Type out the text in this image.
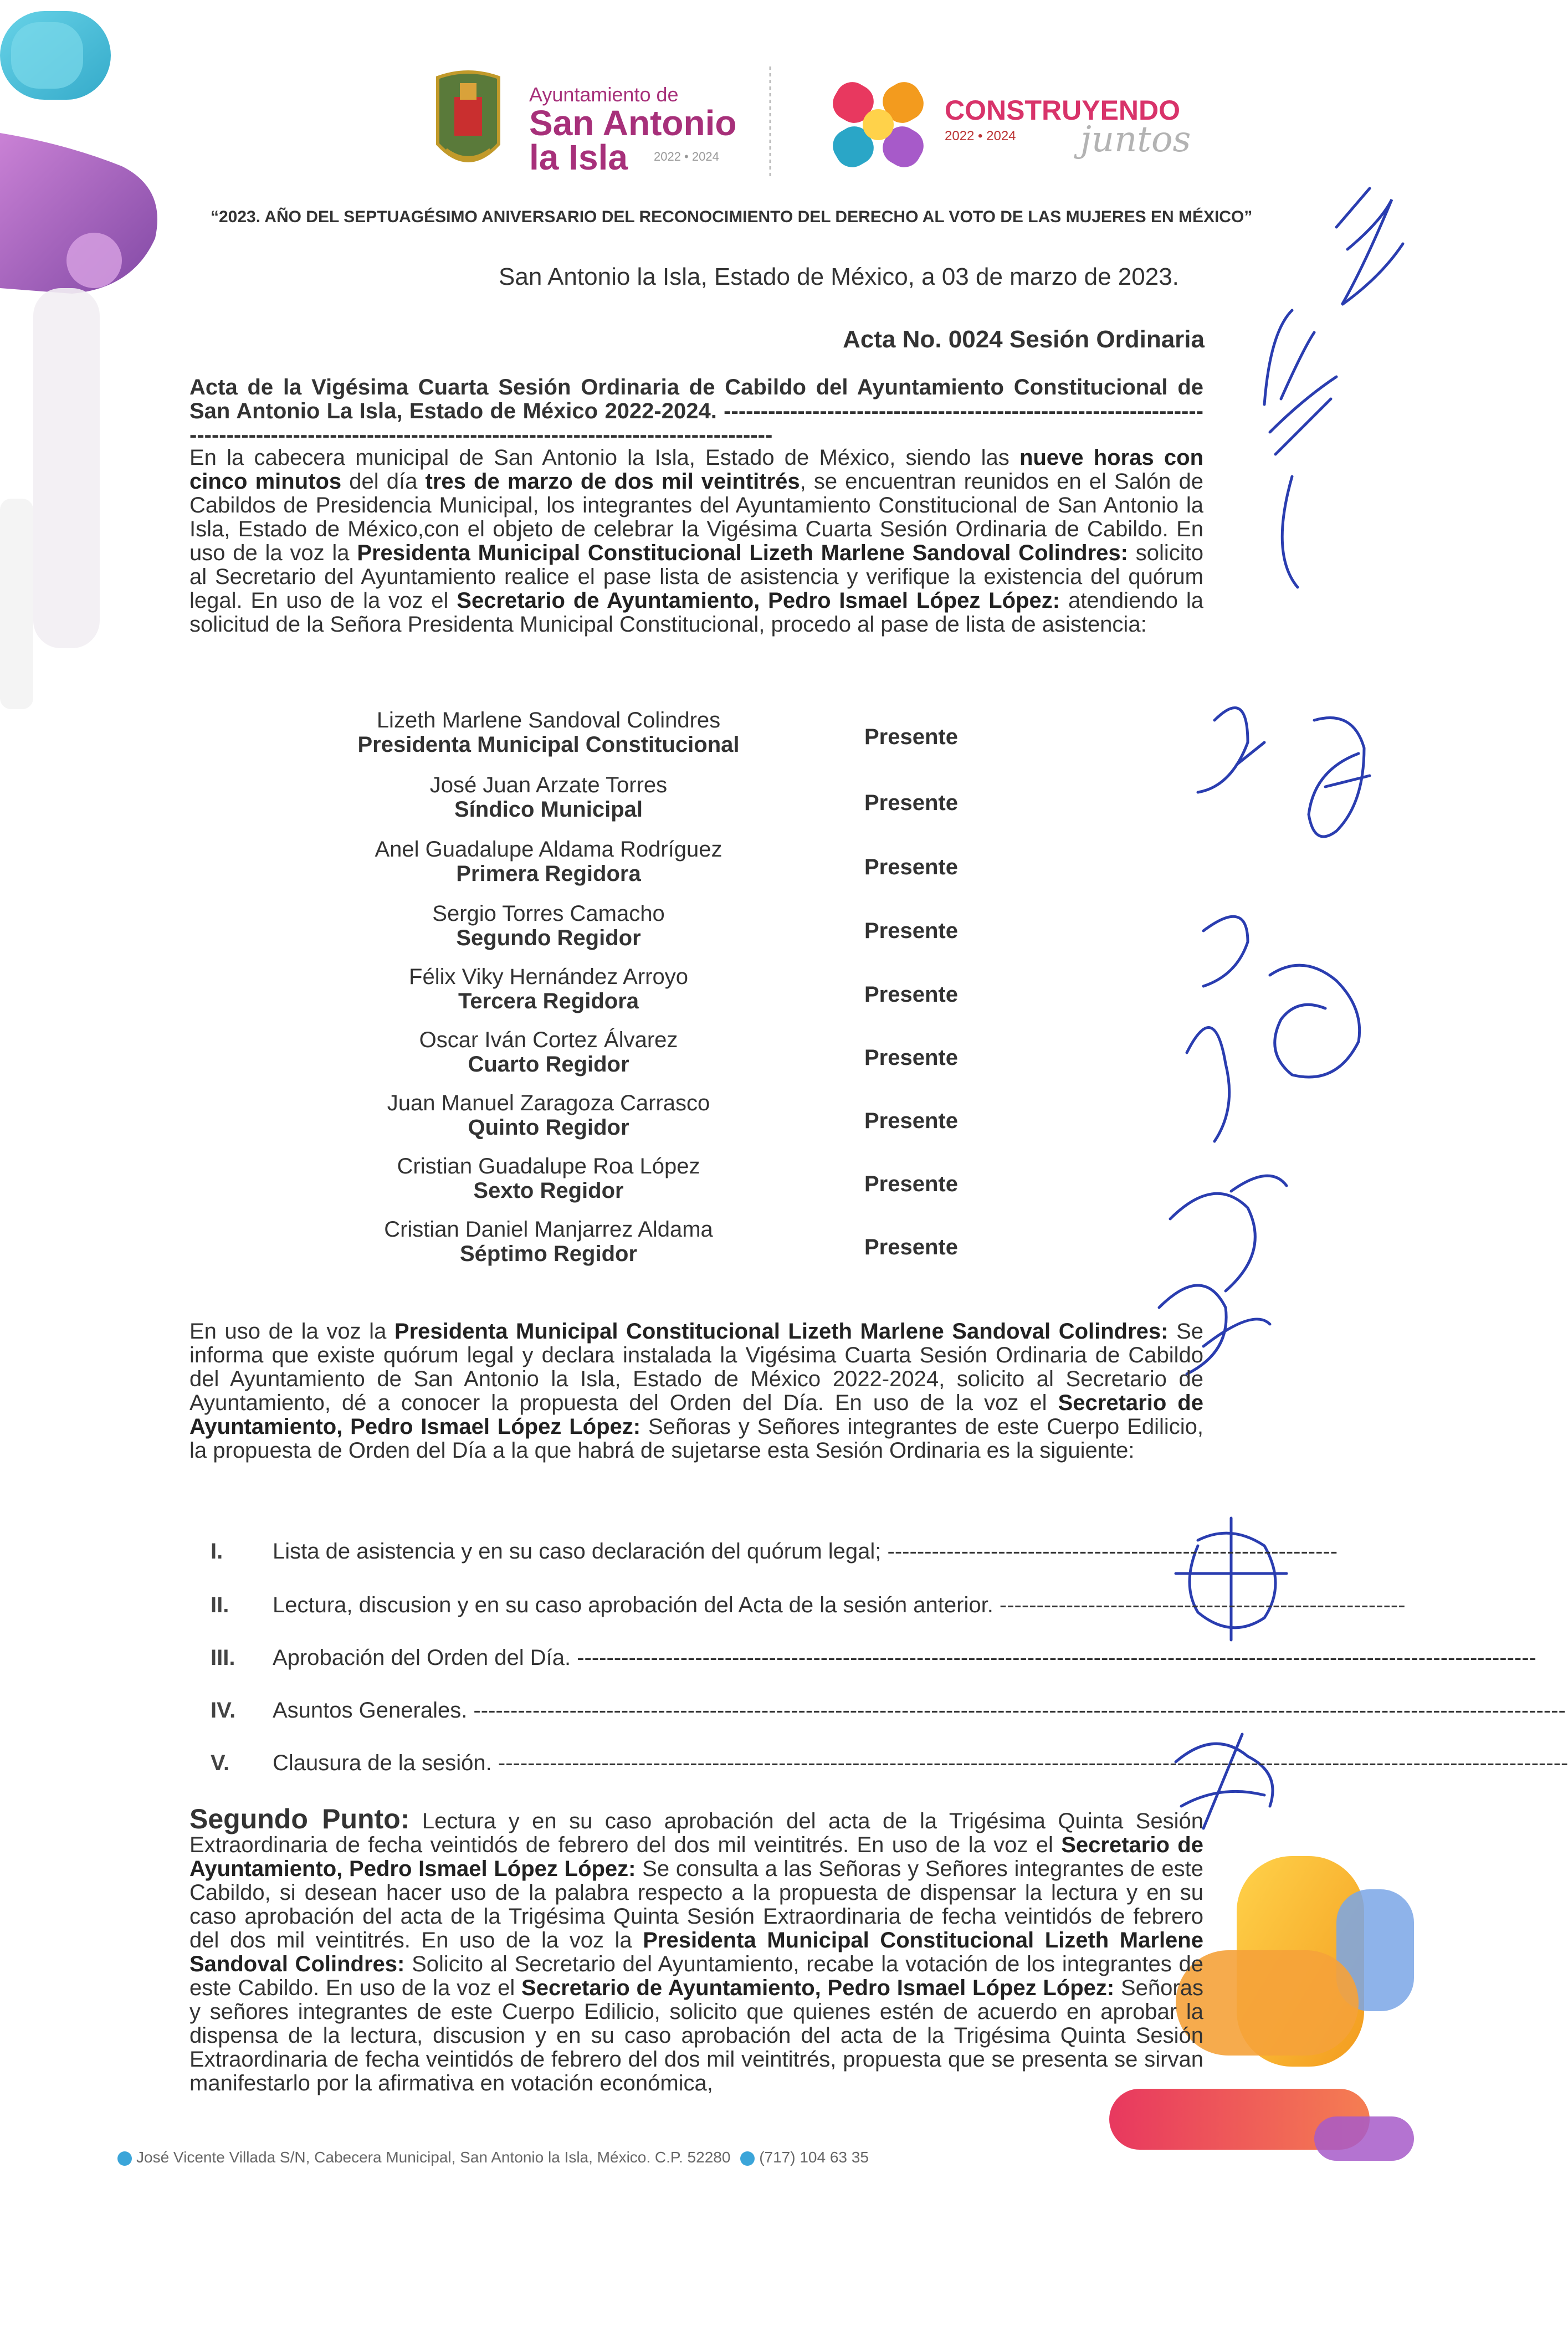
Ayuntamiento de
San Antonio
la Isla 2022 • 2024
CONSTRUYENDO
2022 • 2024 juntos
“2023. AÑO DEL SEPTUAGÉSIMO ANIVERSARIO DEL RECONOCIMIENTO DEL DERECHO AL VOTO DE LAS MUJERES EN MÉXICO”
San Antonio la Isla, Estado de México, a 03 de marzo de 2023.
Acta No. 0024 Sesión Ordinaria
Acta de la Vigésima Cuarta Sesión Ordinaria de Cabildo del Ayuntamiento Constitucional de San Antonio La Isla, Estado de México 2022-2024. ------------------------------------------------------------------------------------------------------------------------------------------------
En la cabecera municipal de San Antonio la Isla, Estado de México, siendo las nueve horas con cinco minutos del día tres de marzo de dos mil veintitrés, se encuentran reunidos en el Salón de Cabildos de Presidencia Municipal, los integrantes del Ayuntamiento Constitucional de San Antonio la Isla, Estado de México,con el objeto de celebrar la Vigésima Cuarta Sesión Ordinaria de Cabildo. En uso de la voz la Presidenta Municipal Constitucional Lizeth Marlene Sandoval Colindres: solicito al Secretario del Ayuntamiento realice el pase lista de asistencia y verifique la existencia del quórum legal. En uso de la voz el Secretario de Ayuntamiento, Pedro Ismael López López: atendiendo la solicitud de la Señora Presidenta Municipal Constitucional, procedo al pase de lista de asistencia:
Lizeth Marlene Sandoval Colindres
Presidenta Municipal Constitucional	Presente
José Juan Arzate Torres
Síndico Municipal	Presente
Anel Guadalupe Aldama Rodríguez
Primera Regidora	Presente
Sergio Torres Camacho
Segundo Regidor	Presente
Félix Viky Hernández Arroyo
Tercera Regidora	Presente
Oscar Iván Cortez Álvarez
Cuarto Regidor	Presente
Juan Manuel Zaragoza Carrasco
Quinto Regidor	Presente
Cristian Guadalupe Roa López
Sexto Regidor	Presente
Cristian Daniel Manjarrez Aldama
Séptimo Regidor	Presente
En uso de la voz la Presidenta Municipal Constitucional Lizeth Marlene Sandoval Colindres: Se informa que existe quórum legal y declara instalada la Vigésima Cuarta Sesión Ordinaria de Cabildo del Ayuntamiento de San Antonio la Isla, Estado de México 2022-2024, solicito al Secretario de Ayuntamiento, dé a conocer la propuesta del Orden del Día. En uso de la voz el Secretario de Ayuntamiento, Pedro Ismael López López: Señoras y Señores integrantes de este Cuerpo Edilicio, la propuesta de Orden del Día a la que habrá de sujetarse esta Sesión Ordinaria es la siguiente:
I.	Lista de asistencia y en su caso declaración del quórum legal; -------------------------------------------------------------
II.	Lectura, discusion y en su caso aprobación del Acta de la sesión anterior. -------------------------------------------------------
III.	Aprobación del Orden del Día. ----------------------------------------------------------------------------------------------------------------------------------
IV.	Asuntos Generales. ----------------------------------------------------------------------------------------------------------------------------------------------------
V.	Clausura de la sesión. -------------------------------------------------------------------------------------------------------------------------------------------------
Segundo Punto: Lectura y en su caso aprobación del acta de la Trigésima Quinta Sesión Extraordinaria de fecha veintidós de febrero del dos mil veintitrés. En uso de la voz el Secretario de Ayuntamiento, Pedro Ismael López López: Se consulta a las Señoras y Señores integrantes de este Cabildo, si desean hacer uso de la palabra respecto a la propuesta de dispensar la lectura y en su caso aprobación del acta de la Trigésima Quinta Sesión Extraordinaria de fecha veintidós de febrero del dos mil veintitrés. En uso de la voz la Presidenta Municipal Constitucional Lizeth Marlene Sandoval Colindres: Solicito al Secretario del Ayuntamiento, recabe la votación de los integrantes de este Cabildo. En uso de la voz el Secretario de Ayuntamiento, Pedro Ismael López López: Señoras y señores integrantes de este Cuerpo Edilicio, solicito que quienes estén de acuerdo en aprobar la dispensa de la lectura, discusion y en su caso aprobación del acta de la Trigésima Quinta Sesión Extraordinaria de fecha veintidós de febrero del dos mil veintitrés, propuesta que se presenta se sirvan manifestarlo por la afirmativa en votación económica,
José Vicente Villada S/N, Cabecera Municipal, San Antonio la Isla, México. C.P. 52280 (717) 104 63 35
